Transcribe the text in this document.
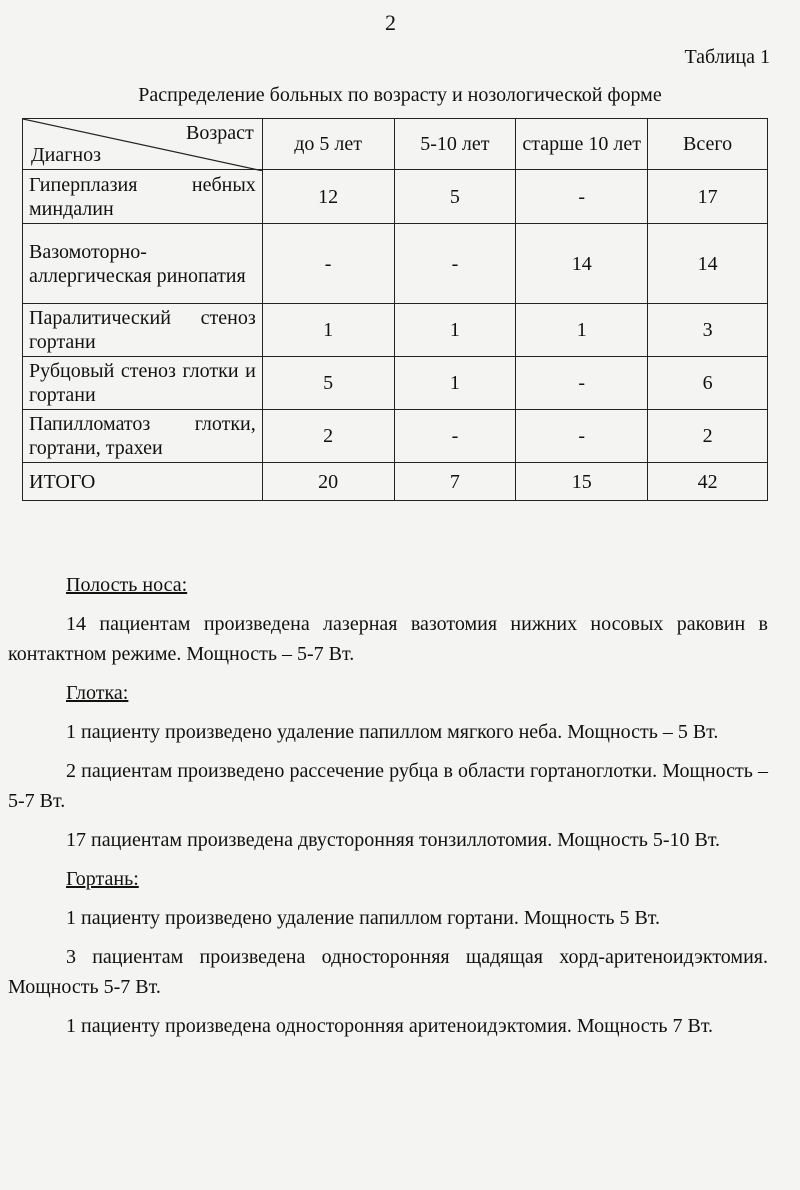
2
Таблица 1
Распределение больных по возрасту и нозологической форме
Возраст
Диагноз	до 5 лет	5-10 лет	старше 10 лет	Всего
Гиперплазия небных миндалин	12	5	-	17
Вазомоторно-аллергическая ринопатия	-	-	14	14
Паралитический стеноз гортани	1	1	1	3
Рубцовый стеноз глотки и гортани	5	1	-	6
Папилломатоз глотки, гортани, трахеи	2	-	-	2
ИТОГО	20	7	15	42
Полость носа:

14 пациентам произведена лазерная вазотомия нижних носовых раковин в контактном режиме. Мощность – 5-7 Вт.

Глотка:

1 пациенту произведено удаление папиллом мягкого неба. Мощность – 5 Вт.

2 пациентам произведено рассечение рубца в области гортаноглотки. Мощность – 5-7 Вт.

17 пациентам произведена двусторонняя тонзиллотомия. Мощность 5-10 Вт.

Гортань:

1 пациенту произведено удаление папиллом гортани. Мощность 5 Вт.

3 пациентам произведена односторонняя щадящая хорд-аритеноидэктомия. Мощность 5-7 Вт.

1 пациенту произведена односторонняя аритеноидэктомия. Мощность 7 Вт.
